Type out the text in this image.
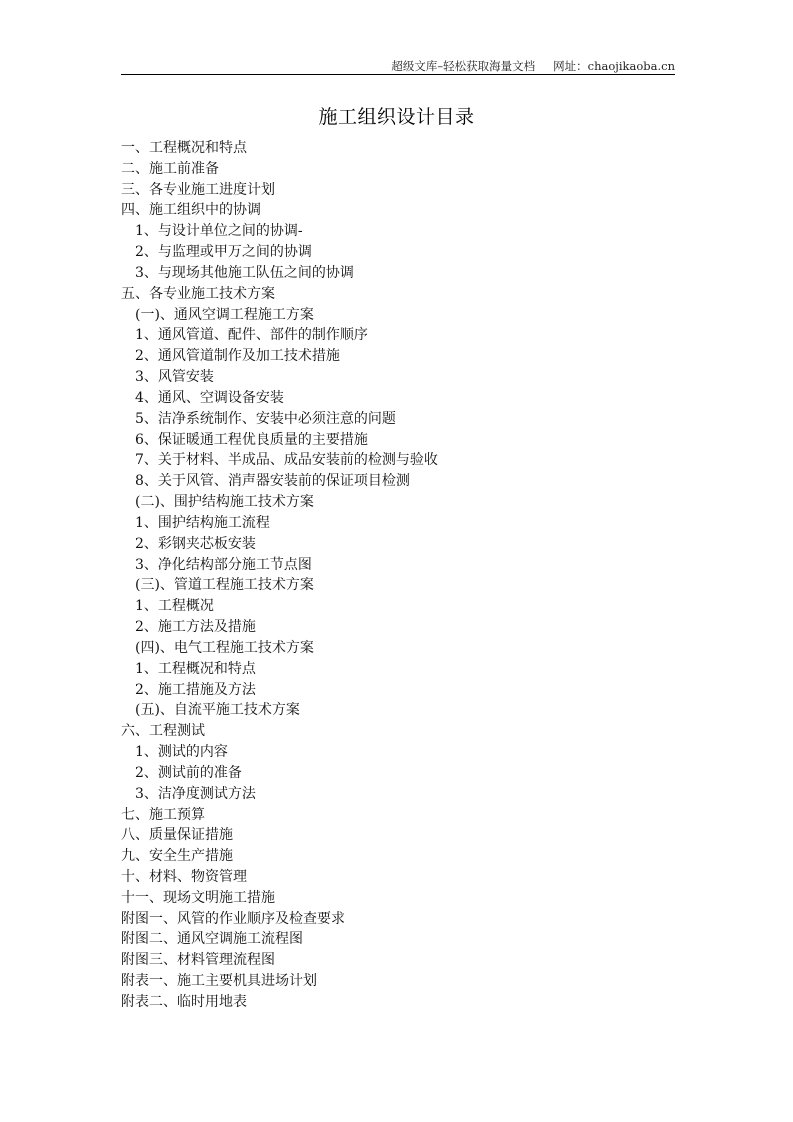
超级文库–轻松获取海量文档 网址：chaojikaoba.cn
施工组织设计目录
一、工程概况和特点
二、施工前准备
三、各专业施工进度计划
四、施工组织中的协调
1、与设计单位之间的协调-
2、与监理或甲万之间的协调
3、与现场其他施工队伍之间的协调
五、各专业施工技术方案
(一)、通风空调工程施工方案
1、通风管道、配件、部件的制作顺序
2、通风管道制作及加工技术措施
3、风管安装
4、通风、空调设备安装
5、洁净系统制作、安装中必须注意的问题
6、保证暖通工程优良质量的主要措施
7、关于材料、半成品、成品安装前的检测与验收
8、关于风管、消声器安装前的保证项目检测
(二)、围护结构施工技术方案
1、围护结构施工流程
2、彩钢夹芯板安装
3、净化结构部分施工节点图
(三)、管道工程施工技术方案
1、工程概况
2、施工方法及措施
(四)、电气工程施工技术方案
1、工程概况和特点
2、施工措施及方法
(五)、自流平施工技术方案
六、工程测试
1、测试的内容
2、测试前的准备
3、洁净度测试方法
七、施工预算
八、质量保证措施
九、安全生产措施
十、材料、物资管理
十一、现场文明施工措施
附图一、风管的作业顺序及检查要求
附图二、通风空调施工流程图
附图三、材料管理流程图
附表一、施工主要机具进场计划
附表二、临时用地表
